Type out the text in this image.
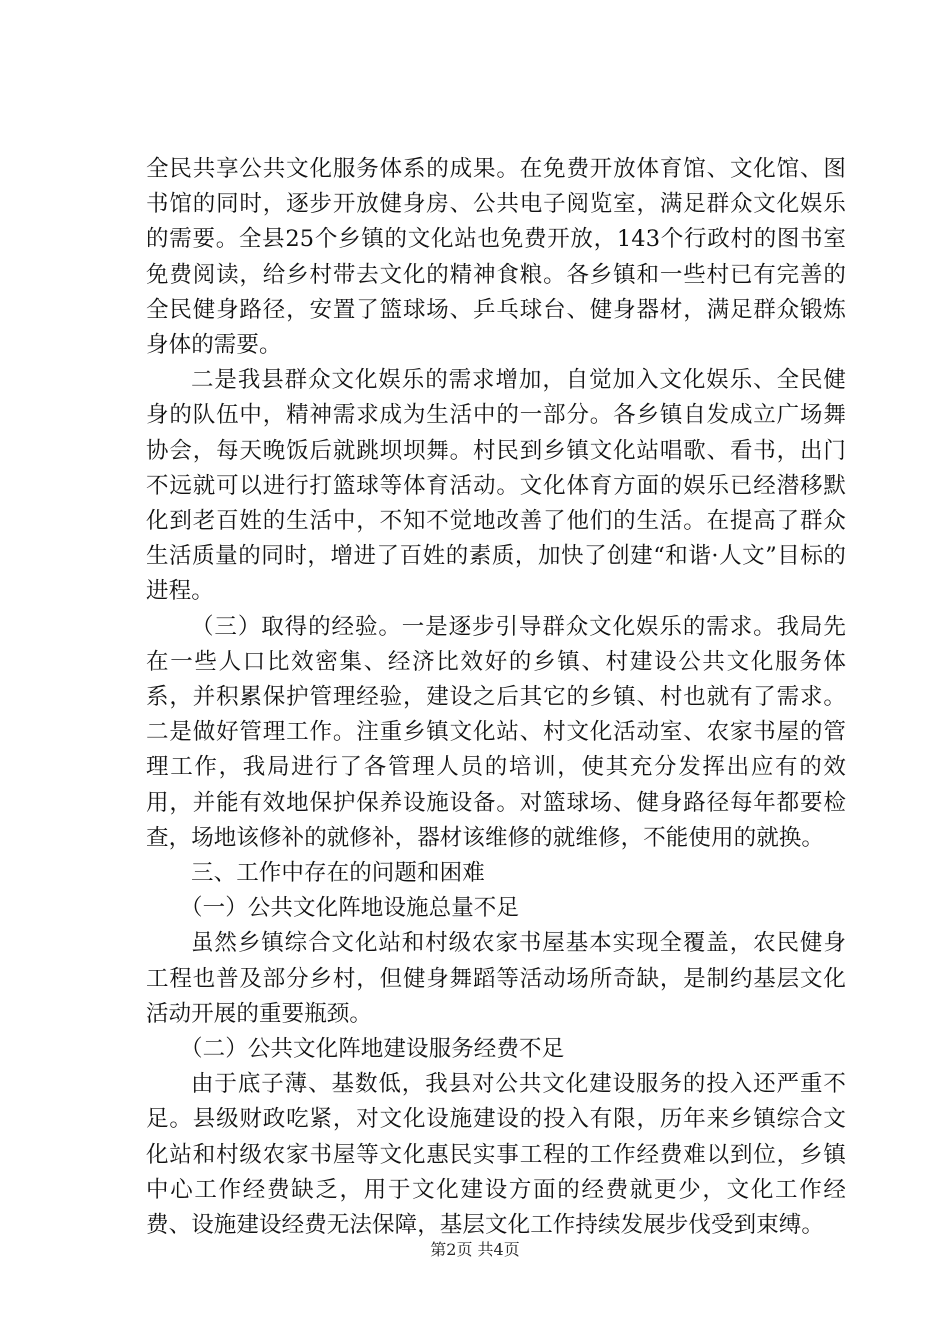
全民共享公共文化服务体系的成果。在免费开放体育馆、文化馆、图书馆的同时，逐步开放健身房、公共电子阅览室，满足群众文化娱乐的需要。全县25个乡镇的文化站也免费开放，143个行政村的图书室免费阅读，给乡村带去文化的精神食粮。各乡镇和一些村已有完善的全民健身路径，安置了篮球场、乒乓球台、健身器材，满足群众锻炼身体的需要。

二是我县群众文化娱乐的需求增加，自觉加入文化娱乐、全民健身的队伍中，精神需求成为生活中的一部分。各乡镇自发成立广场舞协会，每天晚饭后就跳坝坝舞。村民到乡镇文化站唱歌、看书，出门不远就可以进行打篮球等体育活动。文化体育方面的娱乐已经潜移默化到老百姓的生活中，不知不觉地改善了他们的生活。在提高了群众生活质量的同时，增进了百姓的素质，加快了创建“和谐·人文”目标的进程。

（三）取得的经验。一是逐步引导群众文化娱乐的需求。我局先在一些人口比效密集、经济比效好的乡镇、村建设公共文化服务体系，并积累保护管理经验，建设之后其它的乡镇、村也就有了需求。二是做好管理工作。注重乡镇文化站、村文化活动室、农家书屋的管理工作，我局进行了各管理人员的培训，使其充分发挥出应有的效用，并能有效地保护保养设施设备。对篮球场、健身路径每年都要检查，场地该修补的就修补，器材该维修的就维修，不能使用的就换。

三、工作中存在的问题和困难

（一）公共文化阵地设施总量不足

虽然乡镇综合文化站和村级农家书屋基本实现全覆盖，农民健身工程也普及部分乡村，但健身舞蹈等活动场所奇缺，是制约基层文化活动开展的重要瓶颈。

（二）公共文化阵地建设服务经费不足

由于底子薄、基数低，我县对公共文化建设服务的投入还严重不足。县级财政吃紧，对文化设施建设的投入有限，历年来乡镇综合文化站和村级农家书屋等文化惠民实事工程的工作经费难以到位，乡镇中心工作经费缺乏，用于文化建设方面的经费就更少，文化工作经费、设施建设经费无法保障，基层文化工作持续发展步伐受到束缚。

第2页 共4页
